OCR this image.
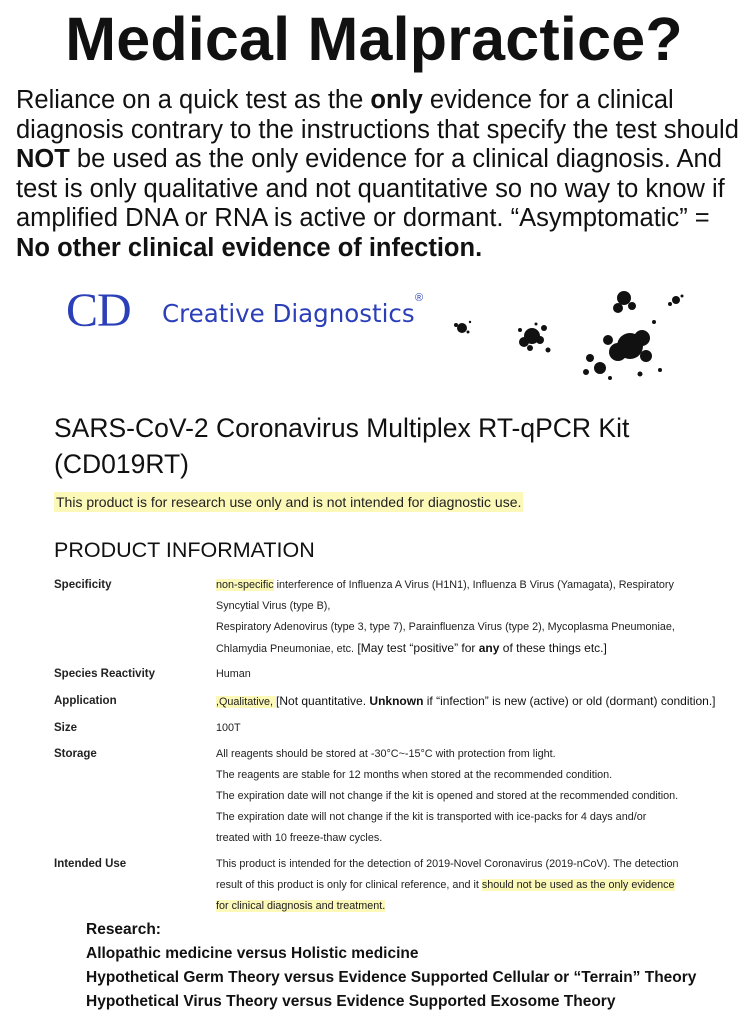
Medical Malpractice?
Reliance on a quick test as the only evidence for a clinical diagnosis contrary to the instructions that specify the test should NOT be used as the only evidence for a clinical diagnosis. And test is only qualitative and not quantitative so no way to know if amplified DNA or RNA is active or dormant. “Asymptomatic” = No other clinical evidence of infection.
CD Creative Diagnostics
®
SARS-CoV-2 Coronavirus Multiplex RT-qPCR Kit
(CD019RT)
This product is for research use only and is not intended for diagnostic use.
PRODUCT INFORMATION
Specificity	non-specific interference of Influenza A Virus (H1N1), Influenza B Virus (Yamagata), Respiratory
Syncytial Virus (type B),
Respiratory Adenovirus (type 3, type 7), Parainfluenza Virus (type 2), Mycoplasma Pneumoniae,
Chlamydia Pneumoniae, etc. [May test “positive” for any of these things etc.]
Species Reactivity	Human
Application	,Qualitative, [Not quantitative. Unknown if “infection” is new (active) or old (dormant) condition.]
Size	100T
Storage	All reagents should be stored at -30°C~-15°C with protection from light.
The reagents are stable for 12 months when stored at the recommended condition.
The expiration date will not change if the kit is opened and stored at the recommended condition.
The expiration date will not change if the kit is transported with ice-packs for 4 days and/or
treated with 10 freeze-thaw cycles.
Intended Use	This product is intended for the detection of 2019-Novel Coronavirus (2019-nCoV). The detection
result of this product is only for clinical reference, and it should not be used as the only evidence
for clinical diagnosis and treatment.
Research:
Allopathic medicine versus Holistic medicine
Hypothetical Germ Theory versus Evidence Supported Cellular or “Terrain” Theory
Hypothetical Virus Theory versus Evidence Supported Exosome Theory
